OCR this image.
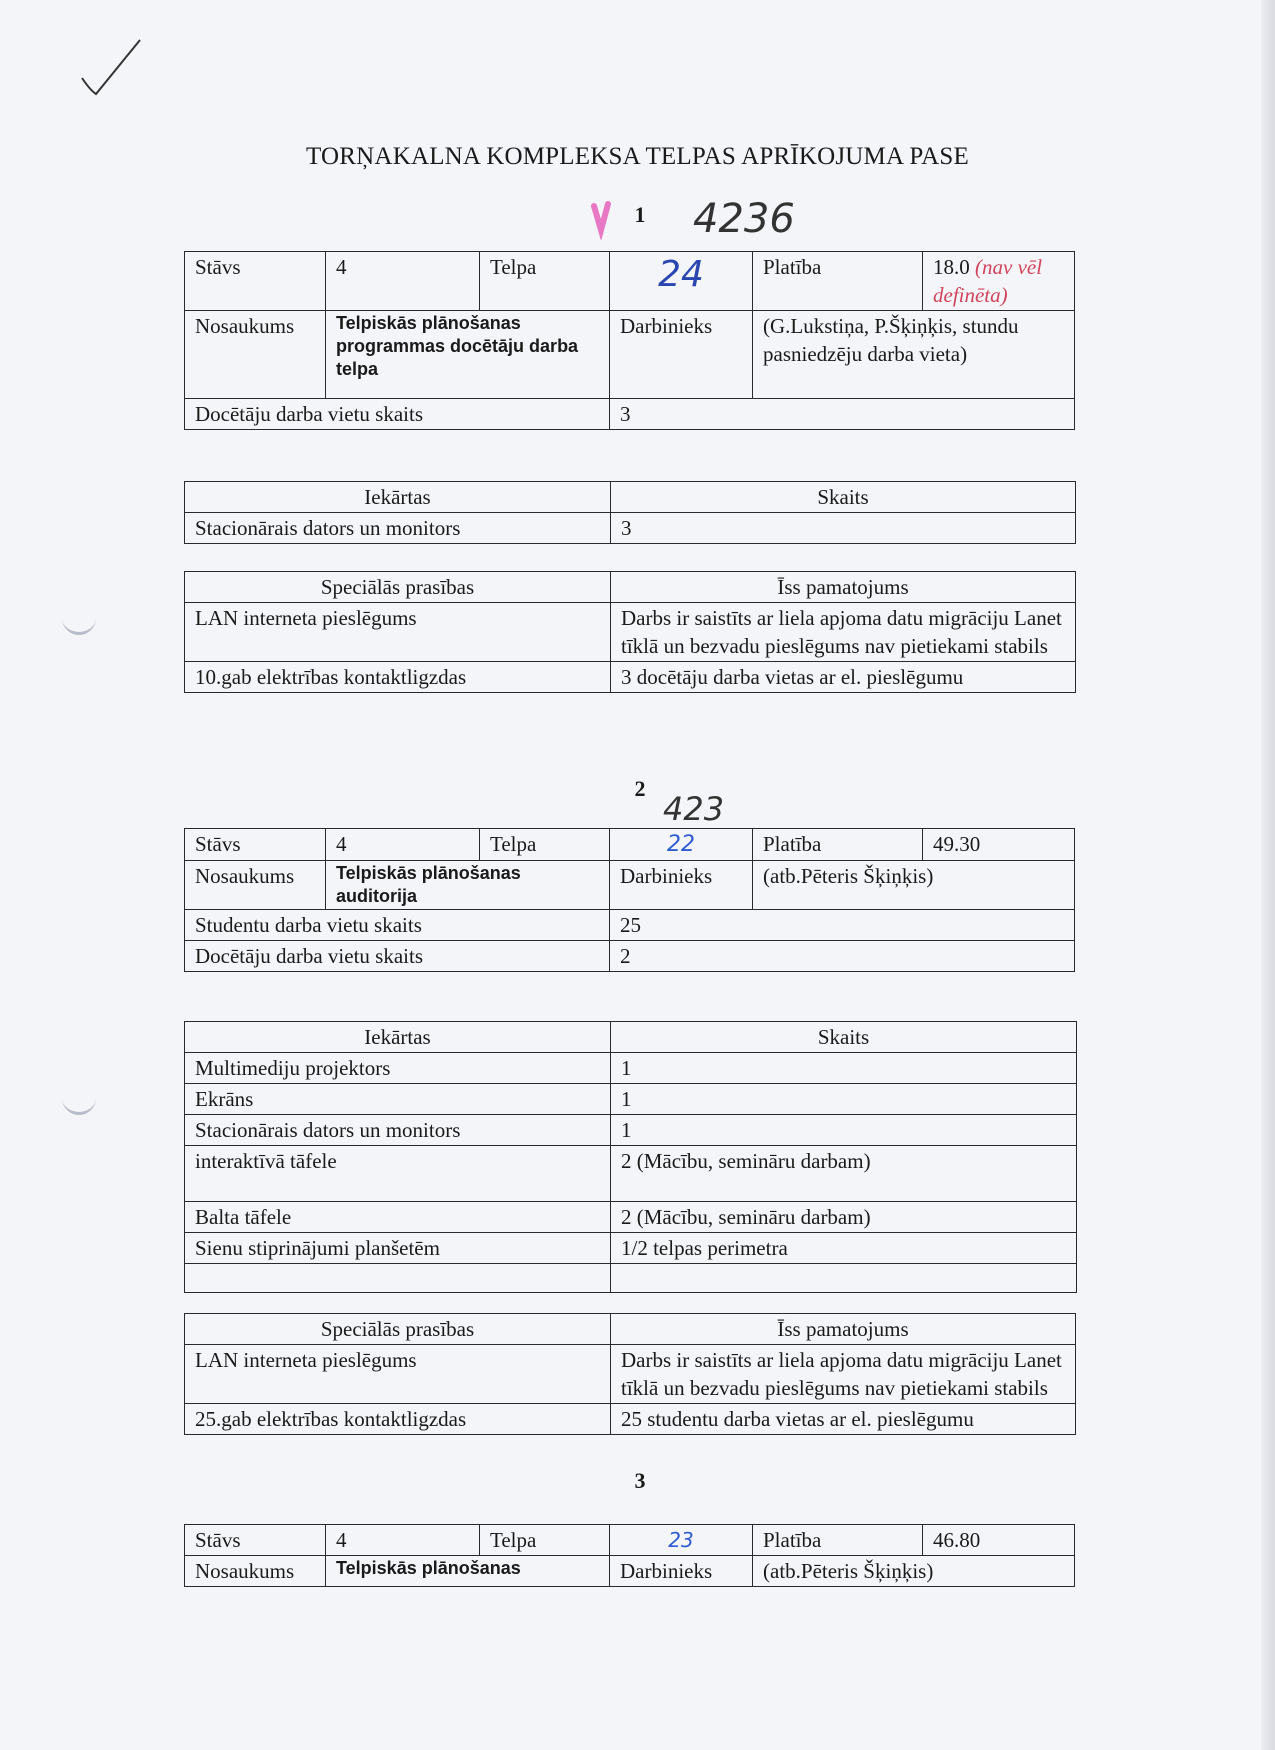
TORŅAKALNA KOMPLEKSA TELPAS APRĪKOJUMA PASE
1	4236
Stāvs	4	Telpa	24	Platība	18.0 (nav vēl definēta)
Nosaukums	Telpiskās plānošanas programmas docētāju darba telpa		Darbinieks	(G.Lukstiņa, P.Šķiņķis, stundu pasniedzēju darba vieta)	
Docētāju darba vietu skaits			3		
Iekārtas	Skaits
Stacionārais dators un monitors	3
Speciālās prasības	Īss pamatojums
LAN interneta pieslēgums	Darbs ir saistīts ar liela apjoma datu migrāciju Lanet tīklā un bezvadu pieslēgums nav pietiekami stabils
10.gab elektrības kontaktligzdas	3 docētāju darba vietas ar el. pieslēgumu
2
423
Stāvs	4	Telpa	22	Platība	49.30
Nosaukums	Telpiskās plānošanas auditorija		Darbinieks	(atb.Pēteris Šķiņķis)	
Studentu darba vietu skaits			25		
Docētāju darba vietu skaits			2		
Iekārtas	Skaits
Multimediju projektors	1
Ekrāns	1
Stacionārais dators un monitors	1
interaktīvā tāfele	2 (Mācību, semināru darbam)
Balta tāfele	2 (Mācību, semināru darbam)
Sienu stiprinājumi planšetēm	1/2 telpas perimetra

Speciālās prasības	Īss pamatojums
LAN interneta pieslēgums	Darbs ir saistīts ar liela apjoma datu migrāciju Lanet tīklā un bezvadu pieslēgums nav pietiekami stabils
25.gab elektrības kontaktligzdas	25 studentu darba vietas ar el. pieslēgumu
3
Stāvs	4	Telpa	23	Platība	46.80
Nosaukums	Telpiskās plānošanas		Darbinieks	(atb.Pēteris Šķiņķis)	
